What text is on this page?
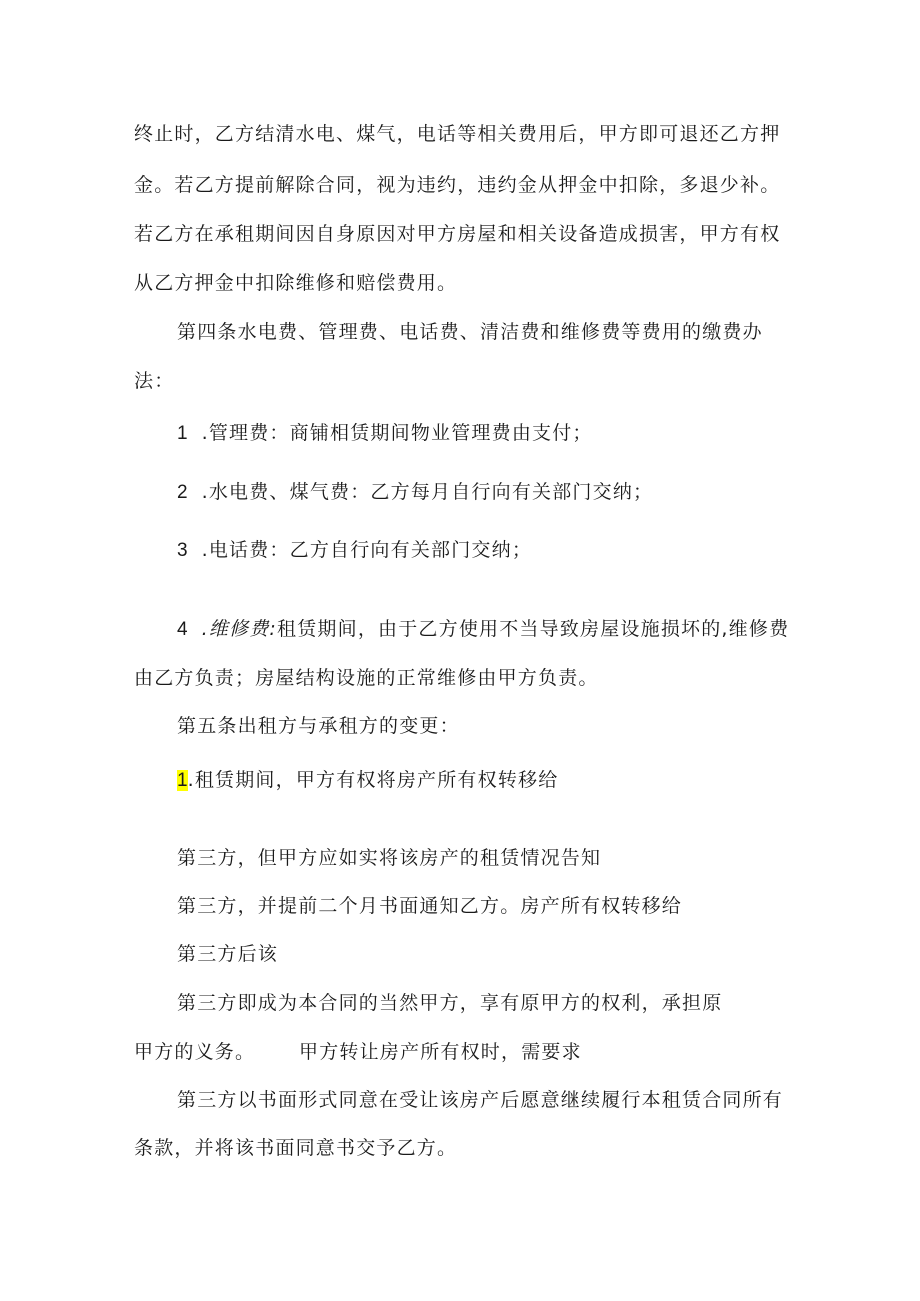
终止时，乙方结清水电、煤气，电话等相关费用后，甲方即可退还乙方押
金。若乙方提前解除合同，视为违约，违约金从押金中扣除，多退少补。
若乙方在承租期间因自身原因对甲方房屋和相关设备造成损害，甲方有权
从乙方押金中扣除维修和赔偿费用。
第四条水电费、管理费、电话费、清洁费和维修费等费用的缴费办
法：
1 .管理费：商铺相赁期间物业管理费由支付；
2 .水电费、煤气费：乙方每月自行向有关部门交纳；
3 .电话费：乙方自行向有关部门交纳；
4 .维修费:租赁期间，由于乙方使用不当导致房屋设施损坏的,维修费
由乙方负责；房屋结构设施的正常维修由甲方负责。
第五条出租方与承租方的变更：
1.租赁期间，甲方有权将房产所有权转移给
第三方，但甲方应如实将该房产的租赁情况告知
第三方，并提前二个月书面通知乙方。房产所有权转移给
第三方后该
第三方即成为本合同的当然甲方，享有原甲方的权利，承担原
甲方的义务。 甲方转让房产所有权时，需要求
第三方以书面形式同意在受让该房产后愿意继续履行本租赁合同所有
条款，并将该书面同意书交予乙方。
